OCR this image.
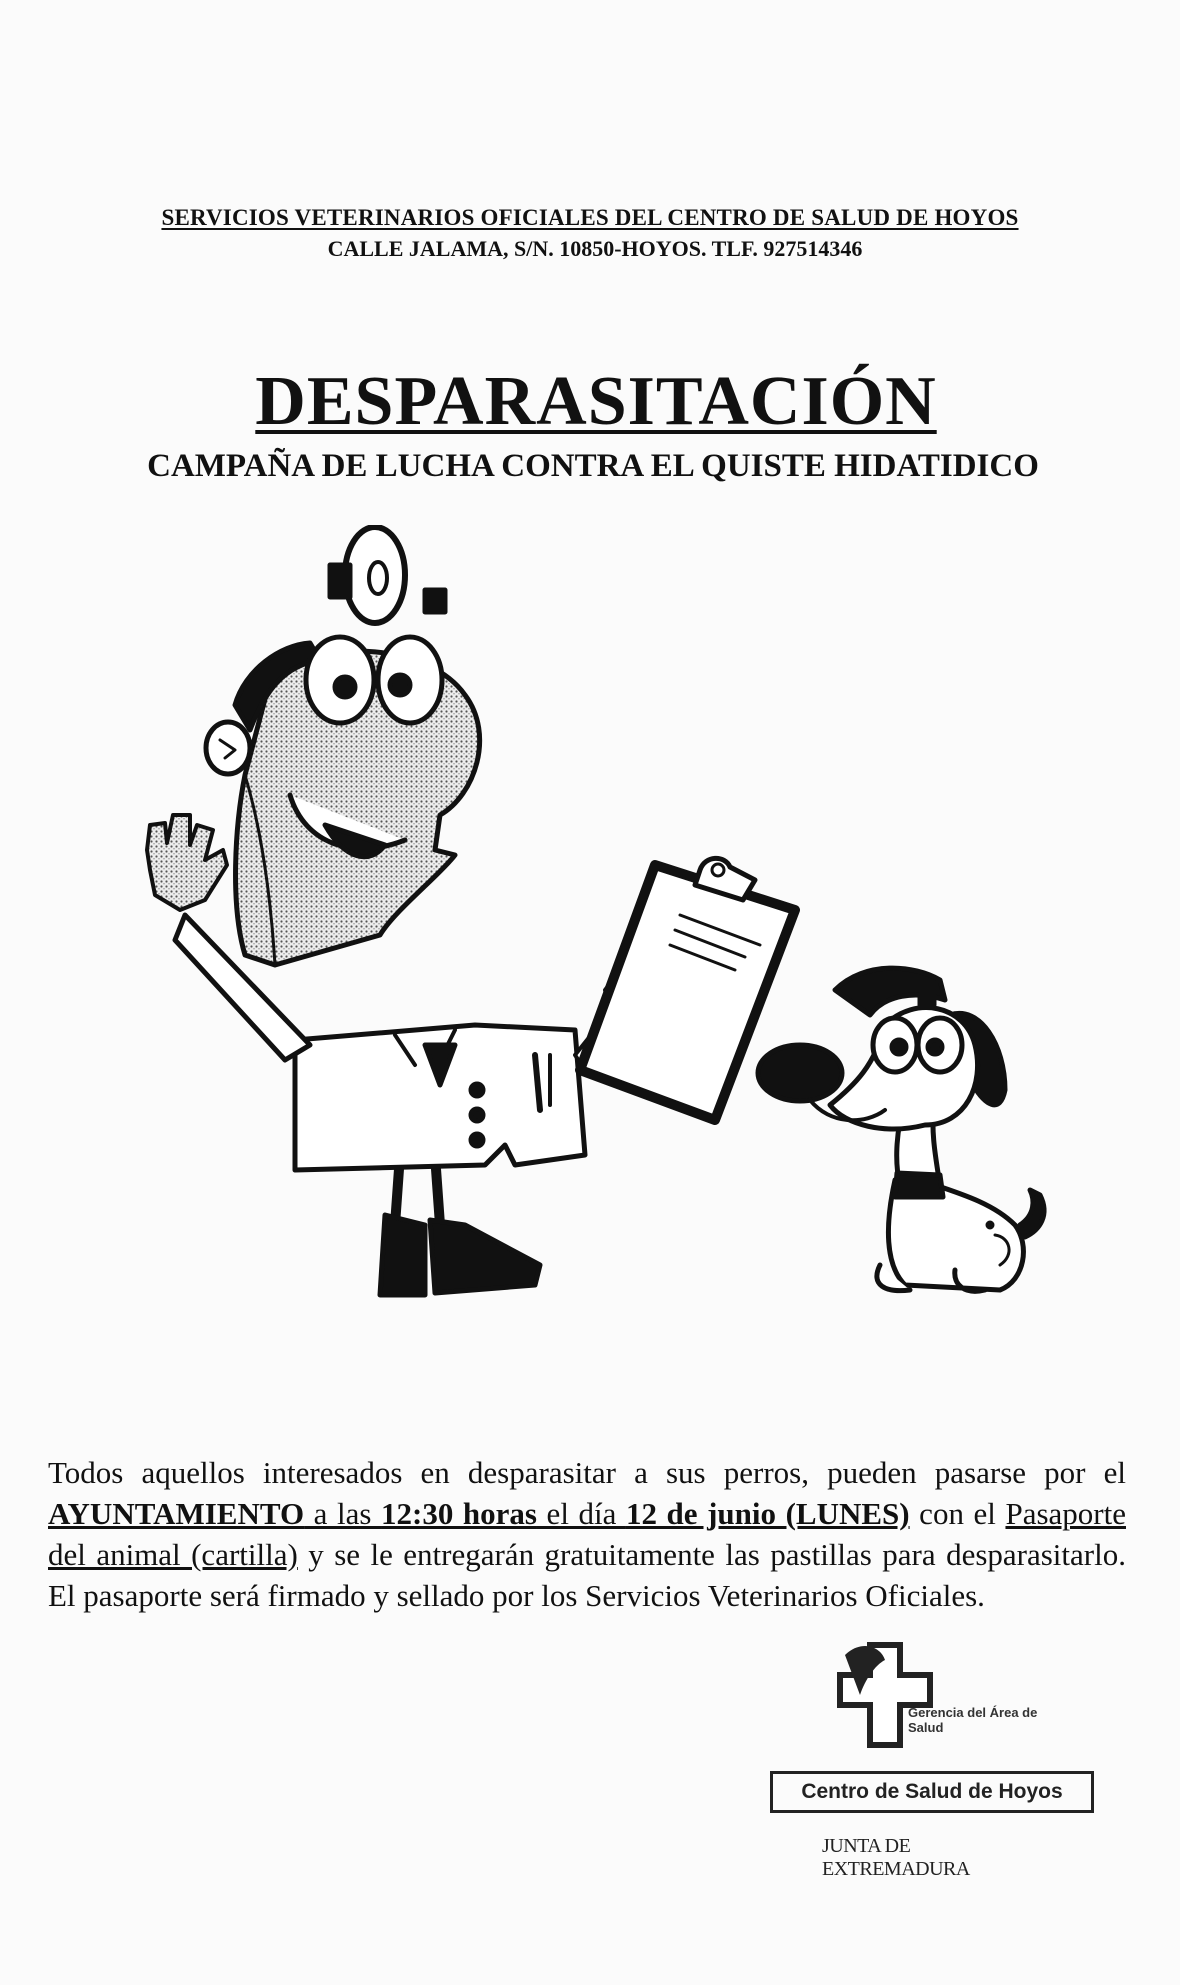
SERVICIOS VETERINARIOS OFICIALES DEL CENTRO DE SALUD DE HOYOS
CALLE JALAMA, S/N. 10850-HOYOS. TLF. 927514346
DESPARASITACIÓN
CAMPAÑA DE LUCHA CONTRA EL QUISTE HIDATIDICO
Todos aquellos interesados en desparasitar a sus perros, pueden pasarse por el AYUNTAMIENTO a las 12:30 horas el día 12 de junio (LUNES) con el Pasaporte del animal (cartilla) y se le entregarán gratuitamente las pastillas para desparasitarlo. El pasaporte será firmado y sellado por los Servicios Veterinarios Oficiales.
Gerencia del Área de Salud
Centro de Salud de Hoyos
JUNTA DE EXTREMADURA
